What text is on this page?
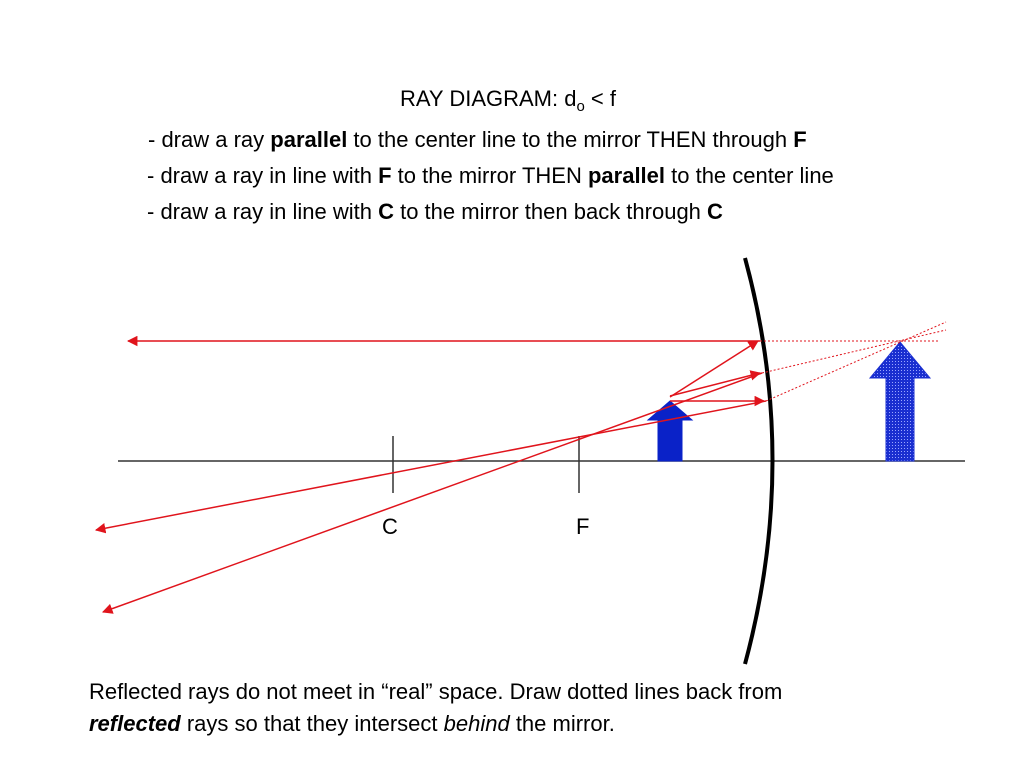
RAY DIAGRAM: $d_o < f$
- draw a ray parallel to the center line to the mirror THEN through F
- draw a ray in line with F to the mirror THEN parallel to the center line
- draw a ray in line with C to the mirror then back through C
C	F
Reflected rays do not meet in “real” space. Draw dotted lines back from
reflected rays so that they intersect behind the mirror.
